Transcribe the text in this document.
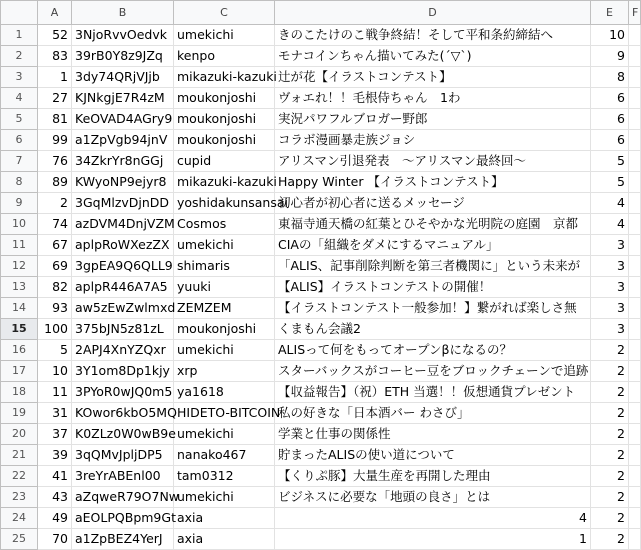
	A	B	C	D	E	F
1	52	3NjoRvvOedvk	umekichi	きのこたけのこ戦争終結！そして平和条約締結へ	10	
2	83	39rB0Y8z9JZq	kenpo	モナコインちゃん描いてみた(´▽`)	9	
3	1	3dy74QRjVJjb	mikazuki-kazuki	辻が花【イラストコンテスト】	8	
4	27	KJNkgjE7R4zM	moukonjoshi	ヴォエれ！！毛根侍ちゃん　1わ	6	
5	81	KeOVAD4AGry9	moukonjoshi	実況パワフルブロガー野郎	6	
6	99	a1ZpVgb94jnV	moukonjoshi	コラボ漫画暴走族ジョシ	6	
7	76	34ZkrYr8nGGj	cupid	アリスマン引退発表　〜アリスマン最終回〜	5	
8	89	KWyoNP9ejyr8	mikazuki-kazuki	Happy Winter 【イラストコンテスト】	5	
9	2	3GqMlzvDjnDD	yoshidakunsansai	初心者が初心者に送るメッセージ	4	
10	74	azDVM4DnjVZM	Cosmos	東福寺通天橋の紅葉とひそやかな光明院の庭園　京都	4	
11	67	aplpRoWXezZX	umekichi	CIAの「組織をダメにするマニュアル」	3	
12	69	3gpEA9Q6QLL9	shimaris	「ALIS、記事削除判断を第三者機関に」という未来が	3	
13	82	aplpR446A7A5	yuuki	【ALIS】イラストコンテストの開催！	3	
14	93	aw5zEwZwlmxd	ZEMZEM	【イラストコンテスト一般参加！】繋がれば楽しさ無	3	
15	100	375bJN5z81zL	moukonjoshi	くまもん会議2	3	
16	5	2APJ4XnYZQxr	umekichi	ALISって何をもってオープンβになるの？	2	
17	10	3Y1om8Dp1kjy	xrp	スターバックスがコーヒー豆をブロックチェーンで追跡	2	
18	11	3PYoR0wJQ0m5	ya1618	【収益報告】（祝）ETH 当選！！仮想通貨プレゼント	2	
19	31	KOwor6kbO5MQ	HIDETO-BITCOIN	私の好きな「日本酒バー わさび」	2	
20	37	K0ZLz0W0wB9e	umekichi	学業と仕事の関係性	2	
21	39	3qQMvJpljDP5	nanako467	貯まったALISの使い道について	2	
22	41	3reYrABEnl00	tam0312	【くりぷ豚】大量生産を再開した理由	2	
23	43	aZqweR79O7Nw	umekichi	ビジネスに必要な「地頭の良さ」とは	2	
24	49	aEOLPQBpm9Gt	axia	4	2	
25	70	a1ZpBEZ4YerJ	axia	1	2	
